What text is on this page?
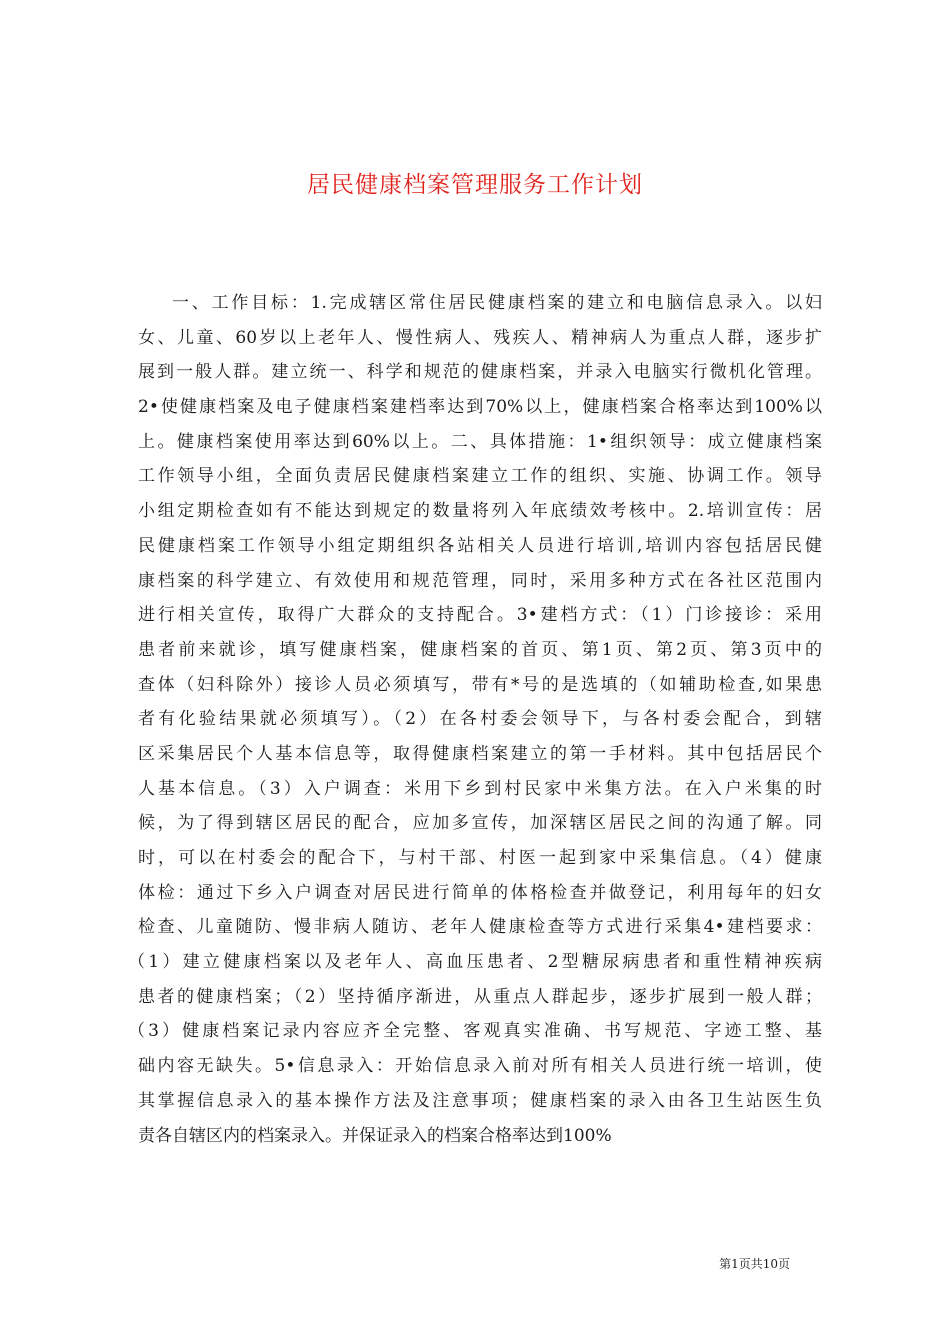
居民健康档案管理服务工作计划
一、工作目标：1.完成辖区常住居民健康档案的建立和电脑信息录入。以妇
女、儿童、60岁以上老年人、慢性病人、残疾人、精神病人为重点人群，逐步扩
展到一般人群。建立统一、科学和规范的健康档案，并录入电脑实行微机化管理。
2•使健康档案及电子健康档案建档率达到70%以上，健康档案合格率达到100%以
上。健康档案使用率达到60%以上。二、具体措施：1•组织领导：成立健康档案
工作领导小组，全面负责居民健康档案建立工作的组织、实施、协调工作。领导
小组定期检查如有不能达到规定的数量将列入年底绩效考核中。2.培训宣传：居
民健康档案工作领导小组定期组织各站相关人员进行培训,培训内容包括居民健
康档案的科学建立、有效使用和规范管理，同时，采用多种方式在各社区范围内
进行相关宣传，取得广大群众的支持配合。3•建档方式：（1）门诊接诊：采用
患者前来就诊，填写健康档案，健康档案的首页、第1页、第2页、第3页中的
查体（妇科除外）接诊人员必须填写，带有*号的是选填的（如辅助检查,如果患
者有化验结果就必须填写）。（2）在各村委会领导下，与各村委会配合，到辖
区采集居民个人基本信息等，取得健康档案建立的第一手材料。其中包括居民个
人基本信息。（3）入户调查：米用下乡到村民家中米集方法。在入户米集的时
候，为了得到辖区居民的配合，应加多宣传，加深辖区居民之间的沟通了解。同
时，可以在村委会的配合下，与村干部、村医一起到家中采集信息。（4）健康
体检：通过下乡入户调查对居民进行简单的体格检查并做登记，利用每年的妇女
检查、儿童随防、慢非病人随访、老年人健康检查等方式进行采集4•建档要求：
（1）建立健康档案以及老年人、高血压患者、2型糖尿病患者和重性精神疾病
患者的健康档案；（2）坚持循序渐进，从重点人群起步，逐步扩展到一般人群；
（3）健康档案记录内容应齐全完整、客观真实准确、书写规范、字迹工整、基
础内容无缺失。5•信息录入：开始信息录入前对所有相关人员进行统一培训，使
其掌握信息录入的基本操作方法及注意事项；健康档案的录入由各卫生站医生负
责各自辖区内的档案录入。并保证录入的档案合格率达到100%
第1页共10页
